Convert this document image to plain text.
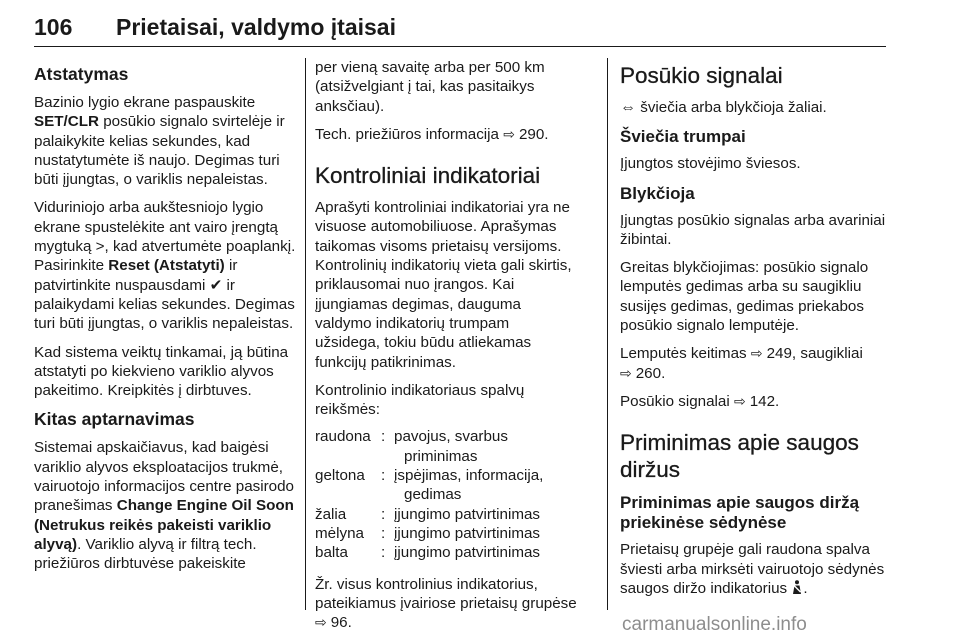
106 Prietaisai, valdymo įtaisai
Atstatymas

Bazinio lygio ekrane paspauskite SET/CLR posūkio signalo svirtelėje ir palaikykite kelias sekundes, kad nustatytumėte iš naujo. Degimas turi būti įjungtas, o variklis nepaleistas.

Viduriniojo arba aukštesniojo lygio ekrane spustelėkite ant vairo įrengtą mygtuką >, kad atvertumėte poaplankį. Pasirinkite Reset (Atstatyti) ir patvirtinkite nuspausdami ✔ ir palaikydami kelias sekundes. Degimas turi būti įjungtas, o variklis nepaleistas.

Kad sistema veiktų tinkamai, ją būtina atstatyti po kiekvieno variklio alyvos pakeitimo. Kreipkitės į dirbtuves.

Kitas aptarnavimas

Sistemai apskaičiavus, kad baigėsi variklio alyvos eksploatacijos trukmė, vairuotojo informacijos centre pasirodo pranešimas Change Engine Oil Soon (Netrukus reikės pakeisti variklio alyvą). Variklio alyvą ir filtrą tech. priežiūros dirbtuvėse pakeiskite

per vieną savaitę arba per 500 km (atsižvelgiant į tai, kas pasitaikys anksčiau).

Tech. priežiūros informacija ⇨ 290.

Kontroliniai indikatoriai

Aprašyti kontroliniai indikatoriai yra ne visuose automobiliuose. Aprašymas taikomas visoms prietaisų versijoms. Kontrolinių indikatorių vieta gali skirtis, priklausomai nuo įrangos. Kai įjungiamas degimas, dauguma valdymo indikatorių trumpam užsidega, tokiu būdu atliekamas funkcijų patikrinimas.

Kontrolinio indikatoriaus spalvų reikšmės:

raudona	:	pavojus, svarbus
priminimas

geltona	:	įspėjimas, informacija,
gedimas

žalia	:	įjungimo patvirtinimas
mėlyna	:	įjungimo patvirtinimas
balta	:	įjungimo patvirtinimas

Žr. visus kontrolinius indikatorius, pateikiamus įvairiose prietaisų grupėse ⇨ 96.

Posūkio signalai

⇔ šviečia arba blykčioja žaliai.

Šviečia trumpai

Įjungtos stovėjimo šviesos.

Blykčioja

Įjungtas posūkio signalas arba avariniai žibintai.

Greitas blykčiojimas: posūkio signalo lemputės gedimas arba su saugikliu susijęs gedimas, gedimas priekabos posūkio signalo lemputėje.

Lemputės keitimas ⇨ 249, saugikliai
⇨ 260.

Posūkio signalai ⇨ 142.

Priminimas apie saugos diržus
Priminimas apie saugos diržą priekinėse sėdynėse

Prietaisų grupėje gali raudona spalva šviesti arba mirksėti vairuotojo sėdynės saugos diržo indikatorius .

carmanualsonline.info
